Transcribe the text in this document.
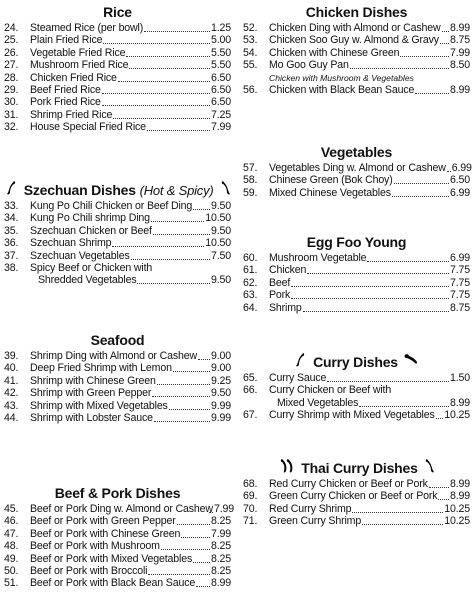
Rice
24.	Steamed Rice (per bowl)	1.25
25.	Plain Fried Rice	5.00
26.	Vegetable Fried Rice	5.50
27.	Mushroom Fried Rice	5.50
28.	Chicken Fried Rice	6.50
29.	Beef Fried Rice	6.50
30.	Pork Fried Rice	6.50
31.	Shrimp Fried Rice	7.25
32.	House Special Fried Rice	7.99
Szechuan Dishes (Hot & Spicy)
33.	Kung Po Chili Chicken or Beef Ding 9.50
34.	Kung Po Chili shrimp Ding	10.50
35.	Szechuan Chicken or Beef	9.50
36.	Szechuan Shrimp	10.50
37.	Szechuan Vegetables	7.50
38.	Spicy Beef or Chicken with
Shredded Vegetables	9.50
Seafood
39.	Shrimp Ding with Almond or Cashew 9.00
40.	Deep Fried Shrimp with Lemon	9.00
41.	Shrimp with Chinese Green	9.25
42.	Shrimp with Green Pepper	9.50
43.	Shrimp with Mixed Vegetables	9.99
44.	Shrimp with Lobster Sauce	9.99
Beef & Pork Dishes
45.	Beef or Pork Ding w. Almond or Cashew 7.99
46.	Beef or Pork with Green Pepper	8.25
47.	Beef or Pork with Chinese Green	7.99
48.	Beef or Pork with Mushroom	8.25
49.	Beef or Pork with Mixed Vegetables 8.25
50.	Beef or Pork with Broccoli	8.25
51.	Beef or Pork with Black Bean Sauce 8.99
Chicken Dishes
52.	Chicken Ding with Almond or Cashew 8.99
53.	Chicken Soo Guy w. Almond & Gravy 8.75
54.	Chicken with Chinese Green	7.99
55.	Mo Goo Guy Pan	8.50
Chicken with Mushroom & Vegetables
56.	Chicken with Black Bean Sauce	8.99
Vegetables
57.	Vegetables Ding w. Almond or Cashew 6.99
58.	Chinese Green (Bok Choy)	6.50
59.	Mixed Chinese Vegetables	6.99
Egg Foo Young
60.	Mushroom Vegetable	6.99
61.	Chicken	7.75
62.	Beef	7.75
63.	Pork	7.75
64.	Shrimp	8.75
Curry Dishes
65.	Curry Sauce	1.50
66.	Curry Chicken or Beef with
Mixed Vegetables	8.99
67.	Curry Shrimp with Mixed Vegetables 10.25
Thai Curry Dishes
68.	Red Curry Chicken or Beef or Pork 8.99
69.	Green Curry Chicken or Beef or Pork 8.99
70.	Red Curry Shrimp	10.25
71.	Green Curry Shrimp	10.25
